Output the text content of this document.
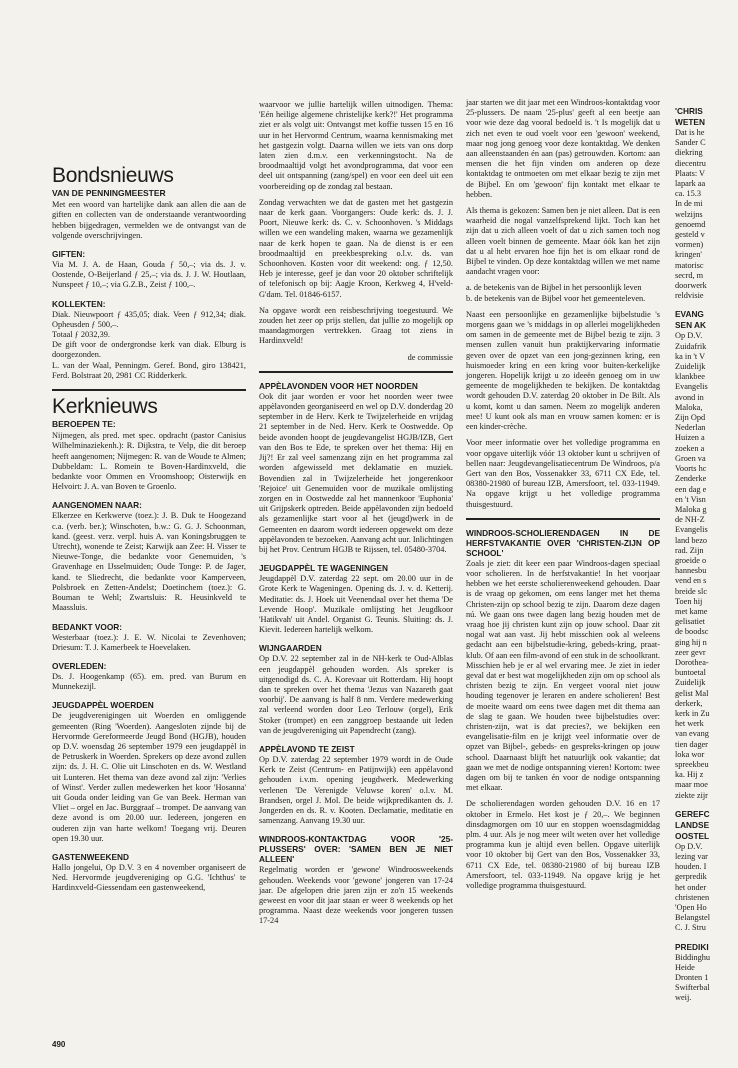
Bondsnieuws
VAN DE PENNINGMEESTER

Met een woord van hartelijke dank aan allen die aan de giften en collecten van de onderstaande verantwoording hebben bijgedragen, vermelden we de ontvangst van de volgende overschrijvingen.

GIFTEN:

Via M. J. A. de Haan, Gouda ƒ 50,–; via ds. J. v. Oostende, O-Beijerland ƒ 25,–; via ds. J. J. W. Houtlaan, Nunspeet ƒ 10,–; via G.Z.B., Zeist ƒ 100,–.

KOLLEKTEN:
Diak. Nieuwpoort ƒ 435,05; diak. Veen ƒ 912,34; diak. Opheusden ƒ 500,–.
Totaal ƒ 2032,39.
De gift voor de ondergrondse kerk van diak. Elburg is doorgezonden.

L. van der Waal, Penningm. Geref. Bond, giro 138421, Ferd. Bolstraat 20, 2981 CC Ridderkerk.

Kerknieuws
BEROEPEN TE:

Nijmegen, als pred. met spec. opdracht (pastor Canisius Wilhelminaziekenh.): R. Dijkstra, te Velp, die dit beroep heeft aangenomen; Nijmegen: R. van de Woude te Almen; Dubbeldam: L. Romein te Boven-Hardinxveld, die bedankte voor Ommen en Vroomshoop; Oisterwijk en Helvoirt: J. A. van Boven te Groenlo.

AANGENOMEN NAAR:

Elkerzee en Kerkwerve (toez.): J. B. Duk te Hoogezand c.a. (verb. ber.); Winschoten, b.w.: G. G. J. Schoonman, kand. (geest. verz. verpl. huis A. van Koningsbruggen te Utrecht), wonende te Zeist; Karwijk aan Zee: H. Visser te Nieuwe-Tonge, die bedankte voor Genemuiden, 's Gravenhage en IJsselmuiden; Oude Tonge: P. de Jager, kand. te Sliedrecht, die bedankte voor Kamperveen, Polsbroek en Zetten-Andelst; Doetinchem (toez.): G. Bouman te Wehl; Zwartsluis: R. Heusinkveld te Maassluis.

BEDANKT VOOR:

Westerbaar (toez.): J. E. W. Nicolai te Zevenhoven; Driesum: T. J. Kamerbeek te Hoevelaken.

OVERLEDEN:

Ds. J. Hoogenkamp (65). em. pred. van Burum en Munnekezijl.

JEUGDAPPÈL WOERDEN

De jeugdverenigingen uit Woerden en omliggende gemeenten (Ring 'Woerden). Aangesloten zijnde bij de Hervormde Gereformeerde Jeugd Bond (HGJB), houden op D.V. woensdag 26 september 1979 een jeugdappèl in de Petruskerk in Woerden. Sprekers op deze avond zullen zijn: ds. J. H. C. Olie uit Linschoten en ds. W. Westland uit Lunteren. Het thema van deze avond zal zijn: 'Verlies of Winst'. Verder zullen medewerken het koor 'Hosanna' uit Gouda onder leiding van Ge van Beek. Herman van Vliet – orgel en Jac. Burggraaf – trompet. De aanvang van deze avond is om 20.00 uur. Iedereen, jongeren en ouderen zijn van harte welkom! Toegang vrij. Deuren open 19.30 uur.

GASTENWEEKEND

Hallo jongelui, Op D.V. 3 en 4 november organiseert de Ned. Hervormde jeugdvereniging op G.G. 'Ichthus' te Hardinxveld-Giessendam een gastenweekend,

waarvoor we jullie hartelijk willen uitnodigen. Thema: 'Eén heilige algemene christelijke kerk?!' Het programma ziet er als volgt uit: Ontvangst met koffie tussen 15 en 16 uur in het Hervormd Centrum, waarna kennismaking met het gastgezin volgt. Daarna willen we iets van ons dorp laten zien d.m.v. een verkenningstocht. Na de broodmaaltijd volgt het avondprogramma, dat voor een deel uit ontspanning (zang/spel) en voor een deel uit een voorbereiding op de zondag zal bestaan.

Zondag verwachten we dat de gasten met het gastgezin naar de kerk gaan. Voorgangers: Oude kerk: ds. J. J. Poort, Nieuwe kerk: ds. C. v. Schoonhoven. 's Middags willen we een wandeling maken, waarna we gezamenlijk naar de kerk hopen te gaan. Na de dienst is er een broodmaaltijd en preekbespreking o.l.v. ds. van Schoonhoven. Kosten voor dit weekend: ong. ƒ 12,50. Heb je interesse, geef je dan voor 20 oktober schriftelijk of telefonisch op bij: Aagje Kroon, Kerkweg 4, H'veld-G'dam. Tel. 01846-6157.

Na opgave wordt een reisbeschrijving toegestuurd. We zouden het zeer op prijs stellen, dat jullie zo mogelijk op maandagmorgen vertrekken. Graag tot ziens in Hardinxveld!

de commissie

APPÈLAVONDEN VOOR HET NOORDEN

Ook dit jaar worden er voor het noorden weer twee appèlavonden georganiseerd en wel op D.V. donderdag 20 september in de Herv. Kerk te Twijzelerheide en vrijdag 21 september in de Ned. Herv. Kerk te Oostwedde. Op beide avonden hoopt de jeugdevangelist HGJB/IZB, Gert van den Bos te Ede, te spreken over het thema: Hij en Jij?! Er zal veel samenzang zijn en het programma zal worden afgewisseld met deklamatie en muziek. Bovendien zal in Twijzelerheide het jongerenkoor 'Rejoice' uit Genemuiden voor de muzikale omlijsting zorgen en in Oostwedde zal het mannenkoor 'Euphonia' uit Grijpskerk optreden. Beide appèlavonden zijn bedoeld als gezamenlijke start voor al het (jeugd)werk in de Gemeenten en daarom wordt iedereen opgewekt om deze appèlavonden te bezoeken. Aanvang acht uur. Inlichtingen bij het Prov. Centrum HGJB te Rijssen, tel. 05480-3704.

JEUGDAPPÈL TE WAGENINGEN

Jeugdappèl D.V. zaterdag 22 sept. om 20.00 uur in de Grote Kerk te Wageningen. Opening ds. J. v. d. Ketterij. Meditatie: ds. J. Hoek uit Veenendaal over het thema 'De Levende Hoop'. Muzikale omlijsting het Jeugdkoor 'Hatikvah' uit Andel. Organist G. Teunis. Sluiting: ds. J. Kievit. Iedereen hartelijk welkom.

WIJNGAARDEN

Op D.V. 22 september zal in de NH-kerk te Oud-Alblas een jeugdappèl gehouden worden. Als spreker is uitgenodigd ds. C. A. Korevaar uit Rotterdam. Hij hoopt dan te spreken over het thema 'Jezus van Nazareth gaat voorbij'. De aanvang is half 8 nm. Verdere medewerking zal verleend worden door Leo Terlouw (orgel), Erik Stoker (trompet) en een zanggroep bestaande uit leden van de jeugdvereniging uit Papendrecht (zang).

APPÈLAVOND TE ZEIST

Op D.V. zaterdag 22 september 1979 wordt in de Oude Kerk te Zeist (Centrum- en Patijnwijk) een appèlavond gehouden i.v.m. opening jeugdwerk. Medewerking verlenen 'De Verenigde Veluwse koren' o.l.v. M. Brandsen, orgel J. Mol. De beide wijkpredikanten ds. J. Jongerden en ds. R. v. Kooten. Declamatie, meditatie en samenzang. Aanvang 19.30 uur.

WINDROOS-KONTAKTDAG VOOR '25-PLUSSERS' OVER: 'SAMEN BEN JE NIET ALLEEN'

Regelmatig worden er 'gewone' Windroosweekends gehouden. Weekends voor 'gewone' jongeren van 17-24 jaar. De afgelopen drie jaren zijn er zo'n 15 weekends geweest en voor dit jaar staan er weer 8 weekends op het programma. Naast deze weekends voor jongeren tussen 17-24

jaar starten we dit jaar met een Windroos-kontaktdag voor 25-plussers. De naam '25-plus' geeft al een beetje aan voor wie deze dag vooral bedoeld is. 't Is mogelijk dat u zich net even te oud voelt voor een 'gewoon' weekend, maar nog jong genoeg voor deze kontaktdag. We denken aan alleenstaanden én aan (pas) getrouwden. Kortom: aan mensen die het fijn vinden om anderen op deze kontaktdag te ontmoeten om met elkaar bezig te zijn met de Bijbel. En om 'gewoon' fijn kontakt met elkaar te hebben.

Als thema is gekozen: Samen ben je niet alleen. Dat is een waarheid die nogal vanzelfsprekend lijkt. Toch kan het zijn dat u zich alleen voelt of dat u zich samen toch nog alleen voelt binnen de gemeente. Maar óók kan het zijn dat u al hebt ervaren hoe fijn het is om elkaar rond de Bijbel te vinden. Op deze kontaktdag willen we met name aandacht vragen voor:

a. de betekenis van de Bijbel in het persoonlijk leven

b. de betekenis van de Bijbel voor het gemeenteleven.

Naast een persoonlijke en gezamenlijke bijbelstudie 's morgens gaan we 's middags in op allerlei mogelijkheden om samen in de gemeente met de Bijbel bezig te zijn. 3 mensen zullen vanuit hun praktijkervaring informatie geven over de opzet van een jong-gezinnen kring, een huismoeder kring en een kring voor buiten-kerkelijke jongeren. Hopelijk krijgt u zo ideeën genoeg om in uw gemeente de mogelijkheden te bekijken. De kontaktdag wordt gehouden D.V. zaterdag 20 oktober in De Bilt. Als u komt, komt u dan samen. Neem zo mogelijk anderen mee! U kunt ook als man en vrouw samen komen: er is een kinder-crèche.

Voor meer informatie over het volledige programma en voor opgave uiterlijk vóór 13 oktober kunt u schrijven of bellen naar: Jeugdevangelisatiecentrum De Windroos, p/a Gert van den Bos, Vossenakker 33, 6711 CX Ede, tel. 08380-21980 of bureau IZB, Amersfoort, tel. 033-11949. Na opgave krijgt u het volledige programma thuisgestuurd.

WINDROOS-SCHOLIERENDAGEN IN DE HERFSTVAKANTIE OVER 'CHRISTEN-ZIJN OP SCHOOL'

Zoals je ziet: dit keer een paar Windroos-dagen speciaal voor scholieren. In de herfstvakantie! In het voorjaar hebben we het eerste scholierenweekend gehouden. Daar is de vraag op gekomen, om eens langer met het thema Christen-zijn op school bezig te zijn. Daarom deze dagen nú. We gaan ons twee dagen lang bezig houden met de vraag hoe jij christen kunt zijn op jouw school. Daar zit nogal wat aan vast. Jij hebt misschien ook al weleens gedacht aan een bijbelstudie-kring, gebeds-kring, praat-klub. Of aan een film-avond of een stuk in de schoolkrant. Misschien heb je er al wel ervaring mee. Je ziet in ieder geval dat er best wat mogelijkheden zijn om op school als christen bezig te zijn. En vergeet vooral niet jouw houding tegenover je leraren en andere scholieren! Best de moeite waard om eens twee dagen met dit thema aan de slag te gaan. We houden twee bijbelstudies over: christen-zijn, wat is dat precies?, we bekijken een evangelisatie-film en je krijgt veel informatie over de opzet van Bijbel-, gebeds- en gespreks-kringen op jouw school. Daarnaast blijft het natuurlijk ook vakantie; dat gaan we met de nodige ontspanning vieren! Kortom: twee dagen om bij te tanken én voor de nodige ontspanning met elkaar.

De scholierendagen worden gehouden D.V. 16 en 17 oktober in Ermelo. Het kost je ƒ 20,–. We beginnen dinsdagmorgen om 10 uur en stoppen woensdagmiddag plm. 4 uur. Als je nog meer wilt weten over het volledige programma kun je altijd even bellen. Opgave uiterlijk voor 10 oktober bij Gert van den Bos, Vossenakker 33, 6711 CX Ede, tel. 08380-21980 of bij bureau IZB Amersfoort, tel. 033-11949. Na opgave krijg je het volledige programma thuisgestuurd.

'CHRIS
WETEN
Dat is he
Sander C
diekring
diecentru
Plaats: V
lapark aa
ca. 15.3
In de mi
welzijns
genoemd
gesteld v
vormen)
kringen'
matorisc
secrd, m
doorwerk
reldvisie
EVANG
SEN AK
Op D.V.
Zuidafrik
ka in 't V
Zuidelijk
klankbee
Evangelis
avond in
Maloka,
Zijn Opd
Nederlan
Huizen a
zoeken a
Groen va
Voorts hc
Zenderke
een dag e
en 't Visn
Maloka g
de NH-Z
Evangelis
land bezo
rad. Zijn
groeide o
hannesbu
vend en s
breide slc
Toen hij
met kame
gelisatiet
de boodsc
ging hij n
zeer gevr
Dorothea-
buntoetal
Zuidelijk
gelist Mal
derkerk,
kerk in Zu
het werk
van evang
tien dager
loka wor
spreekbeu
ka. Hij z
maar moe
ziekte zijr
GEREFC
LANDSE
OOSTEL
Op D.V.
lezing var
houden. I
gerpredik
het onder
christenen
'Open Ho
Belangstel
C. J. Stru
PREDIKI
Biddinghu
Heide
Dronten 1
Swifterbal
weij.
490
